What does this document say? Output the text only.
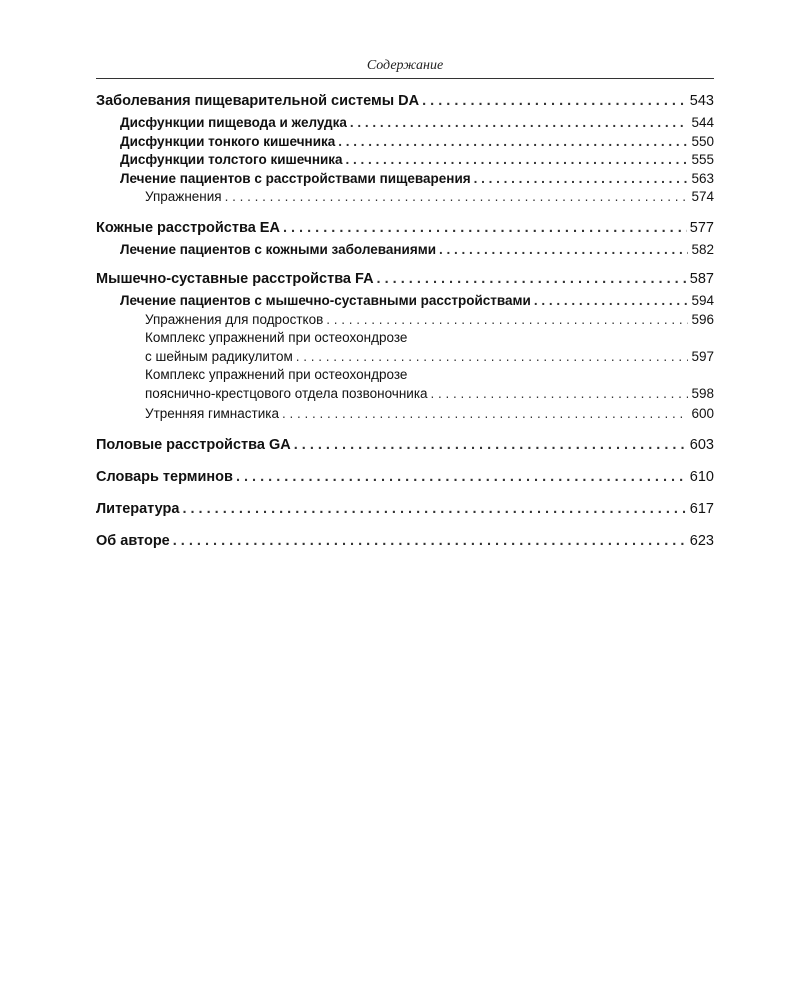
Содержание
Заболевания пищеварительной системы DA . . .	543
Дисфункции пищевода и желудка . . .	544
Дисфункции тонкого кишечника . . .	550
Дисфункции толстого кишечника . . .	555
Лечение пациентов с расстройствами пищеварения . . .	563
Упражнения . . .	574
Кожные расстройства EA . . .	577
Лечение пациентов с кожными заболеваниями . . .	582
Мышечно-суставные расстройства FA . . .	587
Лечение пациентов с мышечно-суставными расстройствами . . .	594
Упражнения для подростков . . .	596
Комплекс упражнений при остеохондрозе
с шейным радикулитом . . .	597
Комплекс упражнений при остеохондрозе
пояснично-крестцового отдела позвоночника . . .	598
Утренняя гимнастика . . .	600
Половые расстройства GA . . .	603
Словарь терминов . . .	610
Литература . . .	617
Об авторе . . .	623
